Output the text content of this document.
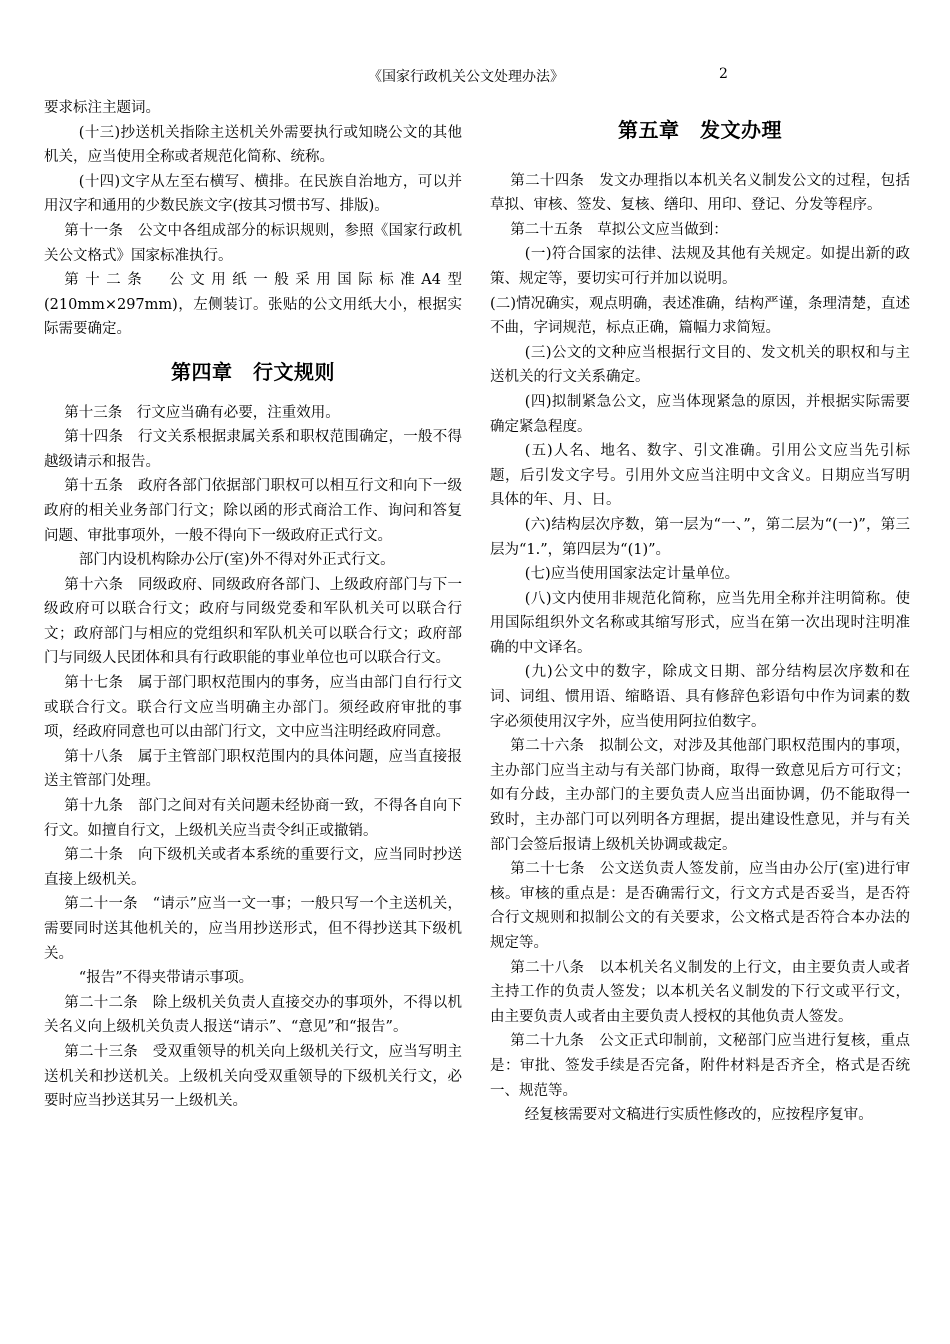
《国家行政机关公文处理办法》	2

要求标注主题词。

(十三)抄送机关指除主送机关外需要执行或知晓公文的其他机关，应当使用全称或者规范化简称、统称。

(十四)文字从左至右横写、横排。在民族自治地方，可以并用汉字和通用的少数民族文字(按其习惯书写、排版)。

第十一条　公文中各组成部分的标识规则，参照《国家行政机关公文格式》国家标准执行。

第十二条　公文用纸一般采用国际标准A4型(210mm×297mm)，左侧装订。张贴的公文用纸大小，根据实际需要确定。

第四章　行文规则

第十三条　行文应当确有必要，注重效用。

第十四条　行文关系根据隶属关系和职权范围确定，一般不得越级请示和报告。

第十五条　政府各部门依据部门职权可以相互行文和向下一级政府的相关业务部门行文；除以函的形式商洽工作、询问和答复问题、审批事项外，一般不得向下一级政府正式行文。

部门内设机构除办公厅(室)外不得对外正式行文。

第十六条　同级政府、同级政府各部门、上级政府部门与下一级政府可以联合行文；政府与同级党委和军队机关可以联合行文；政府部门与相应的党组织和军队机关可以联合行文；政府部门与同级人民团体和具有行政职能的事业单位也可以联合行文。

第十七条　属于部门职权范围内的事务，应当由部门自行行文或联合行文。联合行文应当明确主办部门。须经政府审批的事项，经政府同意也可以由部门行文，文中应当注明经政府同意。

第十八条　属于主管部门职权范围内的具体问题，应当直接报送主管部门处理。

第十九条　部门之间对有关问题未经协商一致，不得各自向下行文。如擅自行文，上级机关应当责令纠正或撤销。

第二十条　向下级机关或者本系统的重要行文，应当同时抄送直接上级机关。

第二十一条　“请示”应当一文一事；一般只写一个主送机关，需要同时送其他机关的，应当用抄送形式，但不得抄送其下级机关。

“报告”不得夹带请示事项。

第二十二条　除上级机关负责人直接交办的事项外，不得以机关名义向上级机关负责人报送“请示”、“意见”和“报告”。

第二十三条　受双重领导的机关向上级机关行文，应当写明主送机关和抄送机关。上级机关向受双重领导的下级机关行文，必要时应当抄送其另一上级机关。

第五章　发文办理

第二十四条　发文办理指以本机关名义制发公文的过程，包括草拟、审核、签发、复核、缮印、用印、登记、分发等程序。

第二十五条　草拟公文应当做到：

(一)符合国家的法律、法规及其他有关规定。如提出新的政策、规定等，要切实可行并加以说明。

(二)情况确实，观点明确，表述准确，结构严谨，条理清楚，直述不曲，字词规范，标点正确，篇幅力求简短。

(三)公文的文种应当根据行文目的、发文机关的职权和与主送机关的行文关系确定。

(四)拟制紧急公文，应当体现紧急的原因，并根据实际需要确定紧急程度。

(五)人名、地名、数字、引文准确。引用公文应当先引标题，后引发文字号。引用外文应当注明中文含义。日期应当写明具体的年、月、日。

(六)结构层次序数，第一层为“一、”，第二层为“(一)”，第三层为“1.”，第四层为“(1)”。

(七)应当使用国家法定计量单位。

(八)文内使用非规范化简称，应当先用全称并注明简称。使用国际组织外文名称或其缩写形式，应当在第一次出现时注明准确的中文译名。

(九)公文中的数字，除成文日期、部分结构层次序数和在词、词组、惯用语、缩略语、具有修辞色彩语句中作为词素的数字必须使用汉字外，应当使用阿拉伯数字。

第二十六条　拟制公文，对涉及其他部门职权范围内的事项，主办部门应当主动与有关部门协商，取得一致意见后方可行文；如有分歧，主办部门的主要负责人应当出面协调，仍不能取得一致时，主办部门可以列明各方理据，提出建设性意见，并与有关部门会签后报请上级机关协调或裁定。

第二十七条　公文送负责人签发前，应当由办公厅(室)进行审核。审核的重点是：是否确需行文，行文方式是否妥当，是否符合行文规则和拟制公文的有关要求，公文格式是否符合本办法的规定等。

第二十八条　以本机关名义制发的上行文，由主要负责人或者主持工作的负责人签发；以本机关名义制发的下行文或平行文，由主要负责人或者由主要负责人授权的其他负责人签发。

第二十九条　公文正式印制前，文秘部门应当进行复核，重点是：审批、签发手续是否完备，附件材料是否齐全，格式是否统一、规范等。

经复核需要对文稿进行实质性修改的，应按程序复审。
